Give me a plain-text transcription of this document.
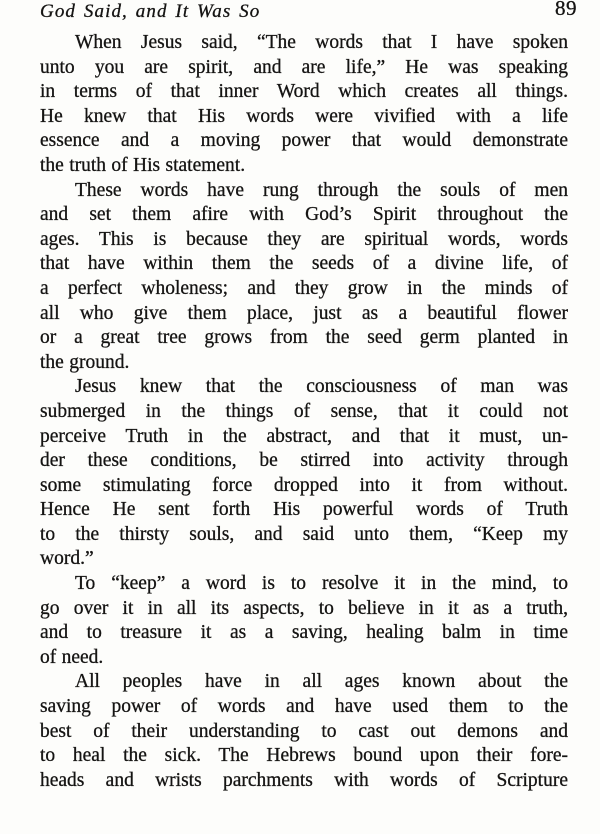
God Said, and It Was So	89
When Jesus said, “The words that I have spoken
unto you are spirit, and are life,” He was speaking
in terms of that inner Word which creates all things.
He knew that His words were vivified with a life
essence and a moving power that would demonstrate
the truth of His statement.
These words have rung through the souls of men
and set them afire with God’s Spirit throughout the
ages. This is because they are spiritual words, words
that have within them the seeds of a divine life, of
a perfect wholeness; and they grow in the minds of
all who give them place, just as a beautiful flower
or a great tree grows from the seed germ planted in
the ground.
Jesus knew that the consciousness of man was
submerged in the things of sense, that it could not
perceive Truth in the abstract, and that it must, un-
der these conditions, be stirred into activity through
some stimulating force dropped into it from without.
Hence He sent forth His powerful words of Truth
to the thirsty souls, and said unto them, “Keep my
word.”
To “keep” a word is to resolve it in the mind, to
go over it in all its aspects, to believe in it as a truth,
and to treasure it as a saving, healing balm in time
of need.
All peoples have in all ages known about the
saving power of words and have used them to the
best of their understanding to cast out demons and
to heal the sick. The Hebrews bound upon their fore-
heads and wrists parchments with words of Scripture
